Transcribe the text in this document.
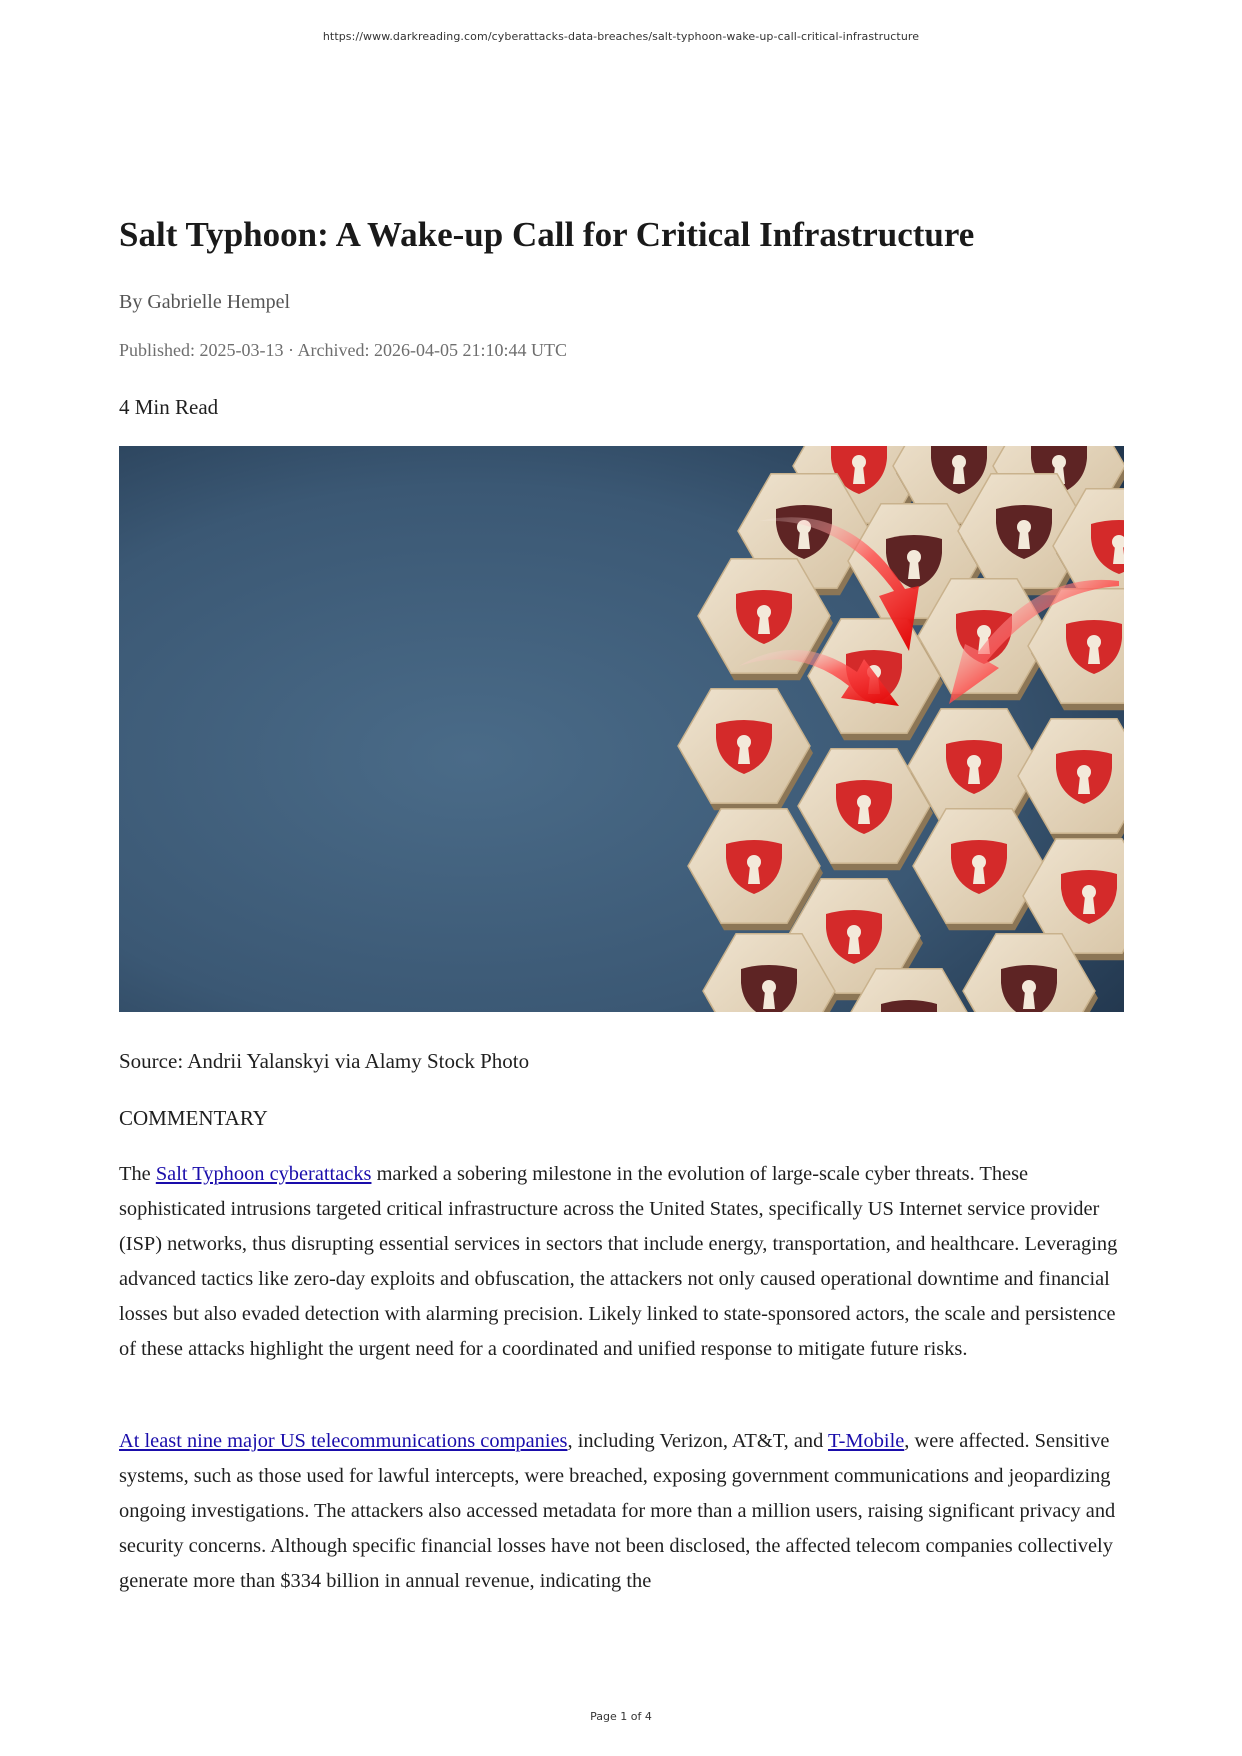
https://www.darkreading.com/cyberattacks-data-breaches/salt-typhoon-wake-up-call-critical-infrastructure
Salt Typhoon: A Wake-up Call for Critical Infrastructure
By Gabrielle Hempel
Published: 2025-03-13 · Archived: 2026-04-05 21:10:44 UTC
4 Min Read
Source: Andrii Yalanskyi via Alamy Stock Photo
COMMENTARY

The Salt Typhoon cyberattacks marked a sobering milestone in the evolution of large-scale cyber threats. These sophisticated intrusions targeted critical infrastructure across the United States, specifically US Internet service provider (ISP) networks, thus disrupting essential services in sectors that include energy, transportation, and healthcare. Leveraging advanced tactics like zero-day exploits and obfuscation, the attackers not only caused operational downtime and financial losses but also evaded detection with alarming precision. Likely linked to state-sponsored actors, the scale and persistence of these attacks highlight the urgent need for a coordinated and unified response to mitigate future risks.

At least nine major US telecommunications companies, including Verizon, AT&T, and T-Mobile, were affected. Sensitive systems, such as those used for lawful intercepts, were breached, exposing government communications and jeopardizing ongoing investigations. The attackers also accessed metadata for more than a million users, raising significant privacy and security concerns. Although specific financial losses have not been disclosed, the affected telecom companies collectively generate more than $334 billion in annual revenue, indicating the

Page 1 of 4
